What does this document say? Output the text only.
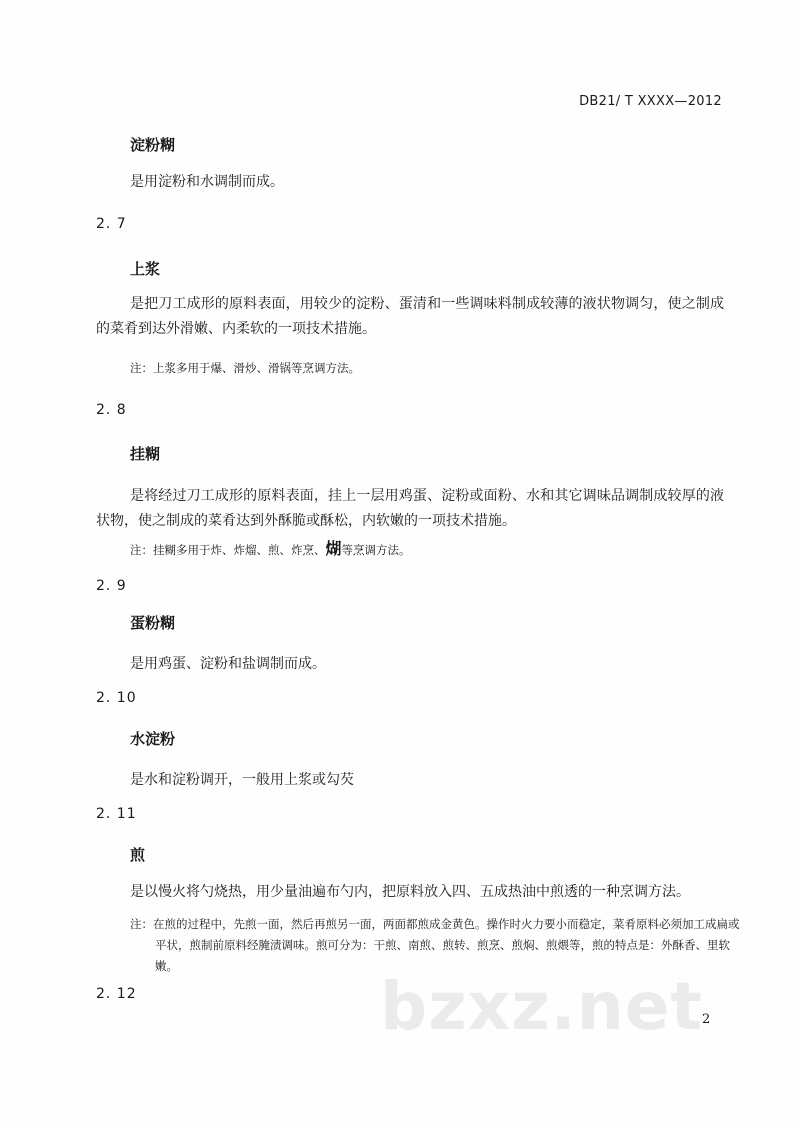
bzxz.net
DB21/ T XXXX—2012
淀粉糊
是用淀粉和水调制而成。
2. 7
上浆
是把刀工成形的原料表面，用较少的淀粉、蛋清和一些调味料制成较薄的液状物调匀，使之制成的菜肴到达外滑嫩、内柔软的一项技术措施。
注：上浆多用于爆、滑炒、滑锅等烹调方法。
2. 8
挂糊
是将经过刀工成形的原料表面，挂上一层用鸡蛋、淀粉或面粉、水和其它调味品调制成较厚的液状物，使之制成的菜肴达到外酥脆或酥松，内软嫩的一项技术措施。
注：挂糊多用于炸、炸熘、煎、炸烹、煳等烹调方法。
2. 9
蛋粉糊
是用鸡蛋、淀粉和盐调制而成。
2. 10
水淀粉
是水和淀粉调开，一般用上浆或勾芡
2. 11
煎
是以慢火将勺烧热，用少量油遍布勺内，把原料放入四、五成热油中煎透的一种烹调方法。
注：在煎的过程中，先煎一面，然后再煎另一面，两面都煎成金黄色。操作时火力要小而稳定，菜肴原料必须加工成扁或平状，煎制前原料经腌渍调味。煎可分为：干煎、南煎、煎转、煎烹、煎焖、煎煨等，煎的特点是：外酥香、里软嫩。
2. 12
2
